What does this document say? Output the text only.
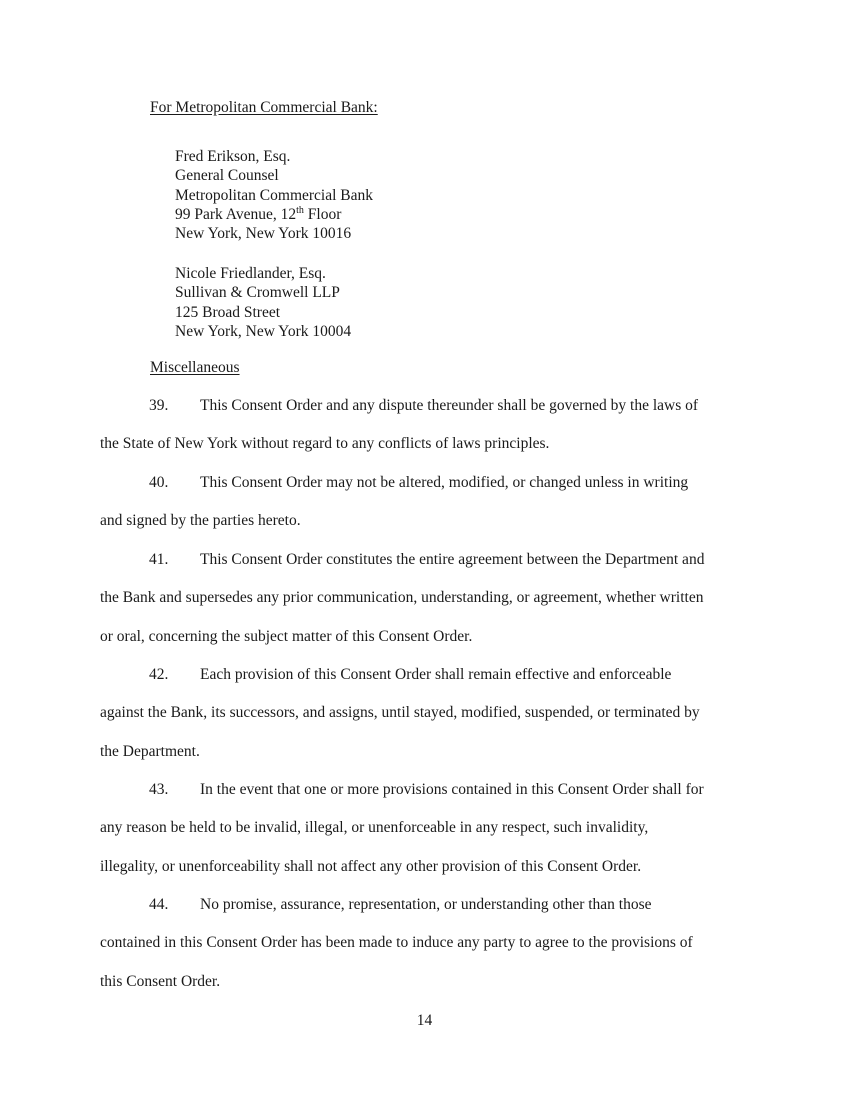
For Metropolitan Commercial Bank:
Fred Erikson, Esq.
General Counsel
Metropolitan Commercial Bank
99 Park Avenue, 12th Floor
New York, New York 10016
Nicole Friedlander, Esq.
Sullivan & Cromwell LLP
125 Broad Street
New York, New York 10004
Miscellaneous
39. This Consent Order and any dispute thereunder shall be governed by the laws of
the State of New York without regard to any conflicts of laws principles.
40. This Consent Order may not be altered, modified, or changed unless in writing
and signed by the parties hereto.
41. This Consent Order constitutes the entire agreement between the Department and
the Bank and supersedes any prior communication, understanding, or agreement, whether written
or oral, concerning the subject matter of this Consent Order.
42. Each provision of this Consent Order shall remain effective and enforceable
against the Bank, its successors, and assigns, until stayed, modified, suspended, or terminated by
the Department.
43. In the event that one or more provisions contained in this Consent Order shall for
any reason be held to be invalid, illegal, or unenforceable in any respect, such invalidity,
illegality, or unenforceability shall not affect any other provision of this Consent Order.
44. No promise, assurance, representation, or understanding other than those
contained in this Consent Order has been made to induce any party to agree to the provisions of
this Consent Order.
14
